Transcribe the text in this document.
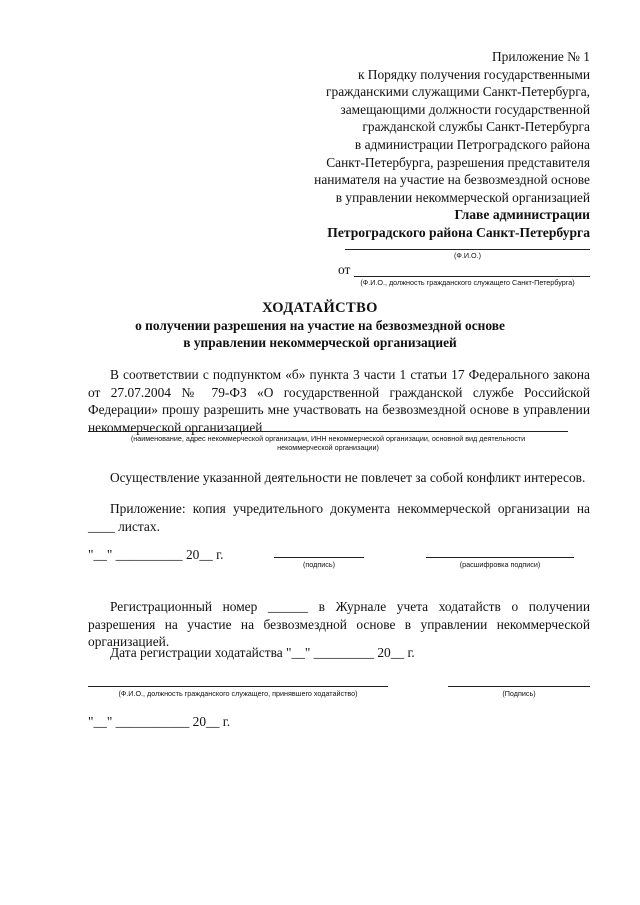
Приложение № 1
к Порядку получения государственными
гражданскими служащими Санкт-Петербурга,
замещающими должности государственной
гражданской службы Санкт-Петербурга
в администрации Петроградского района
Санкт-Петербурга, разрешения представителя
нанимателя на участие на безвозмездной основе
в управлении некоммерческой организацией
Главе администрации
Петроградского района Санкт-Петербурга
(Ф.И.О.)
от
(Ф.И.О., должность гражданского служащего Санкт-Петербурга)
ХОДАТАЙСТВО
о получении разрешения на участие на безвозмездной основе
в управлении некоммерческой организацией
В соответствии с подпунктом «б» пункта 3 части 1 статьи 17 Федерального закона от 27.07.2004 № 79-ФЗ «О государственной гражданской службе Российской Федерации» прошу разрешить мне участвовать на безвозмездной основе в управлении некоммерческой организацией
(наименование, адрес некоммерческой организации, ИНН некоммерческой организации, основной вид деятельности
некоммерческой организации)
Осуществление указанной деятельности не повлечет за собой конфликт интересов.
Приложение: копия учредительного документа некоммерческой организации на ____ листах.
"__" __________ 20__ г.
(подпись)	(расшифровка подписи)
Регистрационный номер ______ в Журнале учета ходатайств о получении разрешения на участие на безвозмездной основе в управлении некоммерческой организацией.
Дата регистрации ходатайства "__" _________ 20__ г.
(Ф.И.О., должность гражданского служащего, принявшего ходатайство)	(Подпись)
"__" ___________ 20__ г.
